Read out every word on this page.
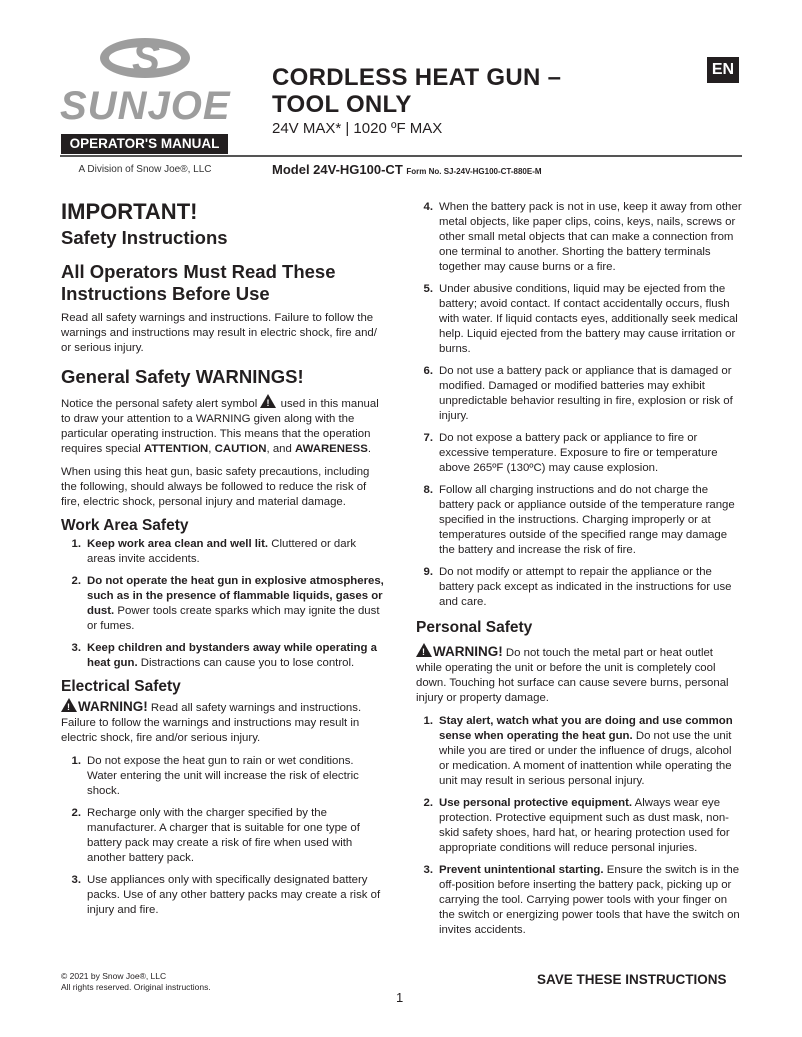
S
SUNJOE
OPERATOR'S MANUAL
A Division of Snow Joe®, LLC
CORDLESS HEAT GUN –
TOOL ONLY
24V MAX* | 1020 ºF MAX
Model 24V-HG100-CT Form No. SJ-24V-HG100-CT-880E-M
EN
IMPORTANT!
Safety Instructions
All Operators Must Read These Instructions Before Use

Read all safety warnings and instructions. Failure to follow the warnings and instructions may result in electric shock, fire and/ or serious injury.

General Safety WARNINGS!

Notice the personal safety alert symbol ! used in this manual to draw your attention to a WARNING given along with the particular operating instruction. This means that the operation requires special ATTENTION, CAUTION, and AWARENESS.

When using this heat gun, basic safety precautions, including the following, should always be followed to reduce the risk of fire, electric shock, personal injury and material damage.

Work Area Safety
1. Keep work area clean and well lit. Cluttered or dark areas invite accidents.
2. Do not operate the heat gun in explosive atmospheres, such as in the presence of flammable liquids, gases or dust. Power tools create sparks which may ignite the dust or fumes.
3. Keep children and bystanders away while operating a heat gun. Distractions can cause you to lose control.
Electrical Safety

!WARNING! Read all safety warnings and instructions. Failure to follow the warnings and instructions may result in electric shock, fire and/or serious injury.

1. Do not expose the heat gun to rain or wet conditions. Water entering the unit will increase the risk of electric shock.
2. Recharge only with the charger specified by the manufacturer. A charger that is suitable for one type of battery pack may create a risk of fire when used with another battery pack.
3. Use appliances only with specifically designated battery packs. Use of any other battery packs may create a risk of injury and fire.
4. When the battery pack is not in use, keep it away from other metal objects, like paper clips, coins, keys, nails, screws or other small metal objects that can make a connection from one terminal to another. Shorting the battery terminals together may cause burns or a fire.
5. Under abusive conditions, liquid may be ejected from the battery; avoid contact. If contact accidentally occurs, flush with water. If liquid contacts eyes, additionally seek medical help. Liquid ejected from the battery may cause irritation or burns.
6. Do not use a battery pack or appliance that is damaged or modified. Damaged or modified batteries may exhibit unpredictable behavior resulting in fire, explosion or risk of injury.
7. Do not expose a battery pack or appliance to fire or excessive temperature. Exposure to fire or temperature above 265ºF (130ºC) may cause explosion.
8. Follow all charging instructions and do not charge the battery pack or appliance outside of the temperature range specified in the instructions. Charging improperly or at temperatures outside of the specified range may damage the battery and increase the risk of fire.
9. Do not modify or attempt to repair the appliance or the battery pack except as indicated in the instructions for use and care.
Personal Safety

!WARNING! Do not touch the metal part or heat outlet while operating the unit or before the unit is completely cool down. Touching hot surface can cause severe burns, personal injury or property damage.

1. Stay alert, watch what you are doing and use common sense when operating the heat gun. Do not use the unit while you are tired or under the influence of drugs, alcohol or medication. A moment of inattention while operating the unit may result in serious personal injury.
2. Use personal protective equipment. Always wear eye protection. Protective equipment such as dust mask, non-skid safety shoes, hard hat, or hearing protection used for appropriate conditions will reduce personal injuries.
3. Prevent unintentional starting. Ensure the switch is in the off-position before inserting the battery pack, picking up or carrying the tool. Carrying power tools with your finger on the switch or energizing power tools that have the switch on invites accidents.
© 2021 by Snow Joe®, LLC
All rights reserved. Original instructions.	SAVE THESE INSTRUCTIONS
1
